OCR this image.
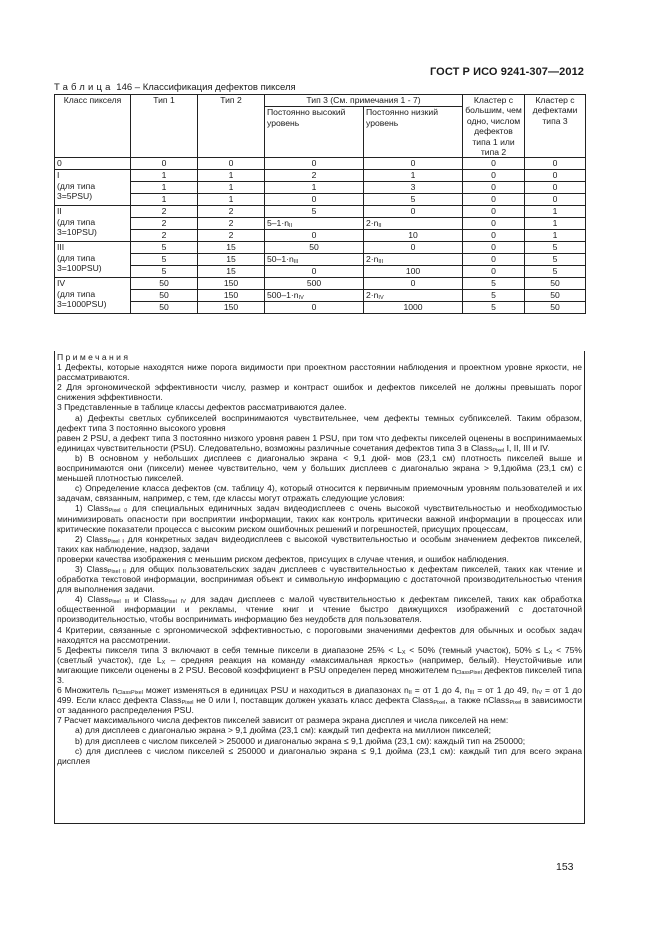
ГОСТ Р ИСО 9241-307—2012
Таблица 146 – Классификация дефектов пикселя
Класс пикселя	Тип 1	Тип 2	Тип 3 (См. примечания 1 - 7)		Кластер с большим, чем одно, числом дефектов типа 1 или типа 2	Кластер с дефектами типа 3
			Постоянно высокий уровень	Постоянно низкий уровень		
0	0	0	0	0	0	0

I
(для типа
3=5PSU)	1	1	2	1	0	0
	1	1	1	3	0	0
	1	1	0	5	0	0

II
(для типа
3=10PSU)	2	2	5	0	0	1
	2	2	$5-1\cdot n_{II}$	$2\cdot n_{II}$	0	1
	2	2	0	10	0	1

III
(для типа
3=100PSU)	5	15	50	0	0	5
	5	15	$50-1\cdot n_{III}$	$2\cdot n_{III}$	0	5
	5	15	0	100	0	5

IV
(для типа
3=1000PSU)	50	150	500	0	5	50
	50	150	$500-1\cdot n_{IV}$	$2\cdot n_{IV}$	5	50
	50	150	0	1000	5	50

Примечания

1 Дефекты, которые находятся ниже порога видимости при проектном расстоянии наблюдения и проектном уровне яркости, не рассматриваются.

2 Для эргономической эффективности числу, размер и контраст ошибок и дефектов пикселей не должны превышать порог снижения эффективности.

3 Представленные в таблице классы дефектов рассматриваются далее.

a) Дефекты светлых субпикселей воспринимаются чувствительнее, чем дефекты темных субпикселей. Таким образом, дефект типа 3 постоянно высокого уровня

равен 2 PSU, а дефект типа 3 постоянно низкого уровня равен 1 PSU, при том что дефекты пикселей оценены в воспринимаемых единицах чувствительности (PSU). Следовательно, возможны различные сочетания дефектов типа 3 в Class$_{Pixel}$ I, II, III и IV.

b) В основном у небольших дисплеев с диагональю экрана < 9,1 дюй- мов (23,1 см) плотность пикселей выше и воспринимаются они (пиксели) менее чувствительно, чем у больших дисплеев с диагональю экрана > 9,1дюйма (23,1 см) с меньшей плотностью пикселей.

c) Определение класса дефектов (см. таблицу 4), который относится к первичным приемочным уровням пользователей и их задачам, связанным, например, с тем, где классы могут отражать следующие условия:

1) Class$_{Pixel 0}$ для специальных единичных задач видеодисплеев с очень высокой чувствительностью и необходимостью минимизировать опасности при восприятии информации, таких как контроль критически важной информации в процессах или критические показатели процесса с высоким риском ошибочных решений и погрешностей, присущих процессам,

2) Class$_{Pixel I}$ для конкретных задач видеодисплеев с высокой чувствительностью и особым значением дефектов пикселей, таких как наблюдение, надзор, задачи

проверки качества изображения с меньшим риском дефектов, присущих в случае чтения, и ошибок наблюдения.

3) Class$_{Pixel II}$ для общих пользовательских задач дисплеев с чувствительностью к дефектам пикселей, таких как чтение и обработка текстовой информации, воспринимая объект и символьную информацию с достаточной производительностью чтения для выполнения задачи.

4) Class$_{Pixel III}$ и Class$_{Pixel IV}$ для задач дисплеев с малой чувствительностью к дефектам пикселей, таких как обработка общественной информации и рекламы, чтение книг и чтение быстро движущихся изображений с достаточной производительностью, чтобы воспринимать информацию без неудобств для пользователя.

4 Критерии, связанные с эргономической эффективностью, с пороговыми значениями дефектов для обычных и особых задач находятся на рассмотрении.

5 Дефекты пикселя типа 3 включают в себя темные пиксели в диапазоне $25\% < L_X < 50\%$ (темный участок), $50\% \le L_X < 75\%$ (светлый участок), где $L_X$ – средняя реакция на команду «максимальная яркость» (например, белый). Неустойчивые или мигающие пиксели оценены в 2 PSU. Весовой коэффициент в PSU определен перед множителем $n_{ClassPixel}$ дефектов пикселей типа 3.

6 Множитель $n_{ClassPixel}$ может изменяться в единицах PSU и находиться в диапазонах $n_{II}$ = от 1 до 4, $n_{III}$ = от 1 до 49, $n_{IV}$ = от 1 до 499. Если класс дефекта Class$_{Pixel}$ не 0 или I, поставщик должен указать класс дефекта Class$_{Pixel}$, а также nClass$_{Pixel}$ в зависимости от заданного распределения PSU.

7 Расчет максимального числа дефектов пикселей зависит от размера экрана дисплея и числа пикселей на нем:

a) для дисплеев с диагональю экрана > 9,1 дюйма (23,1 см): каждый тип дефекта на миллион пикселей;

b) для дисплеев с числом пикселей > 250000 и диагональю экрана ≤ 9,1 дюйма (23,1 см): каждый тип на 250000;

c) для дисплеев с числом пикселей ≤ 250000 и диагональю экрана ≤ 9,1 дюйма (23,1 см): каждый тип для всего экрана дисплея

153
